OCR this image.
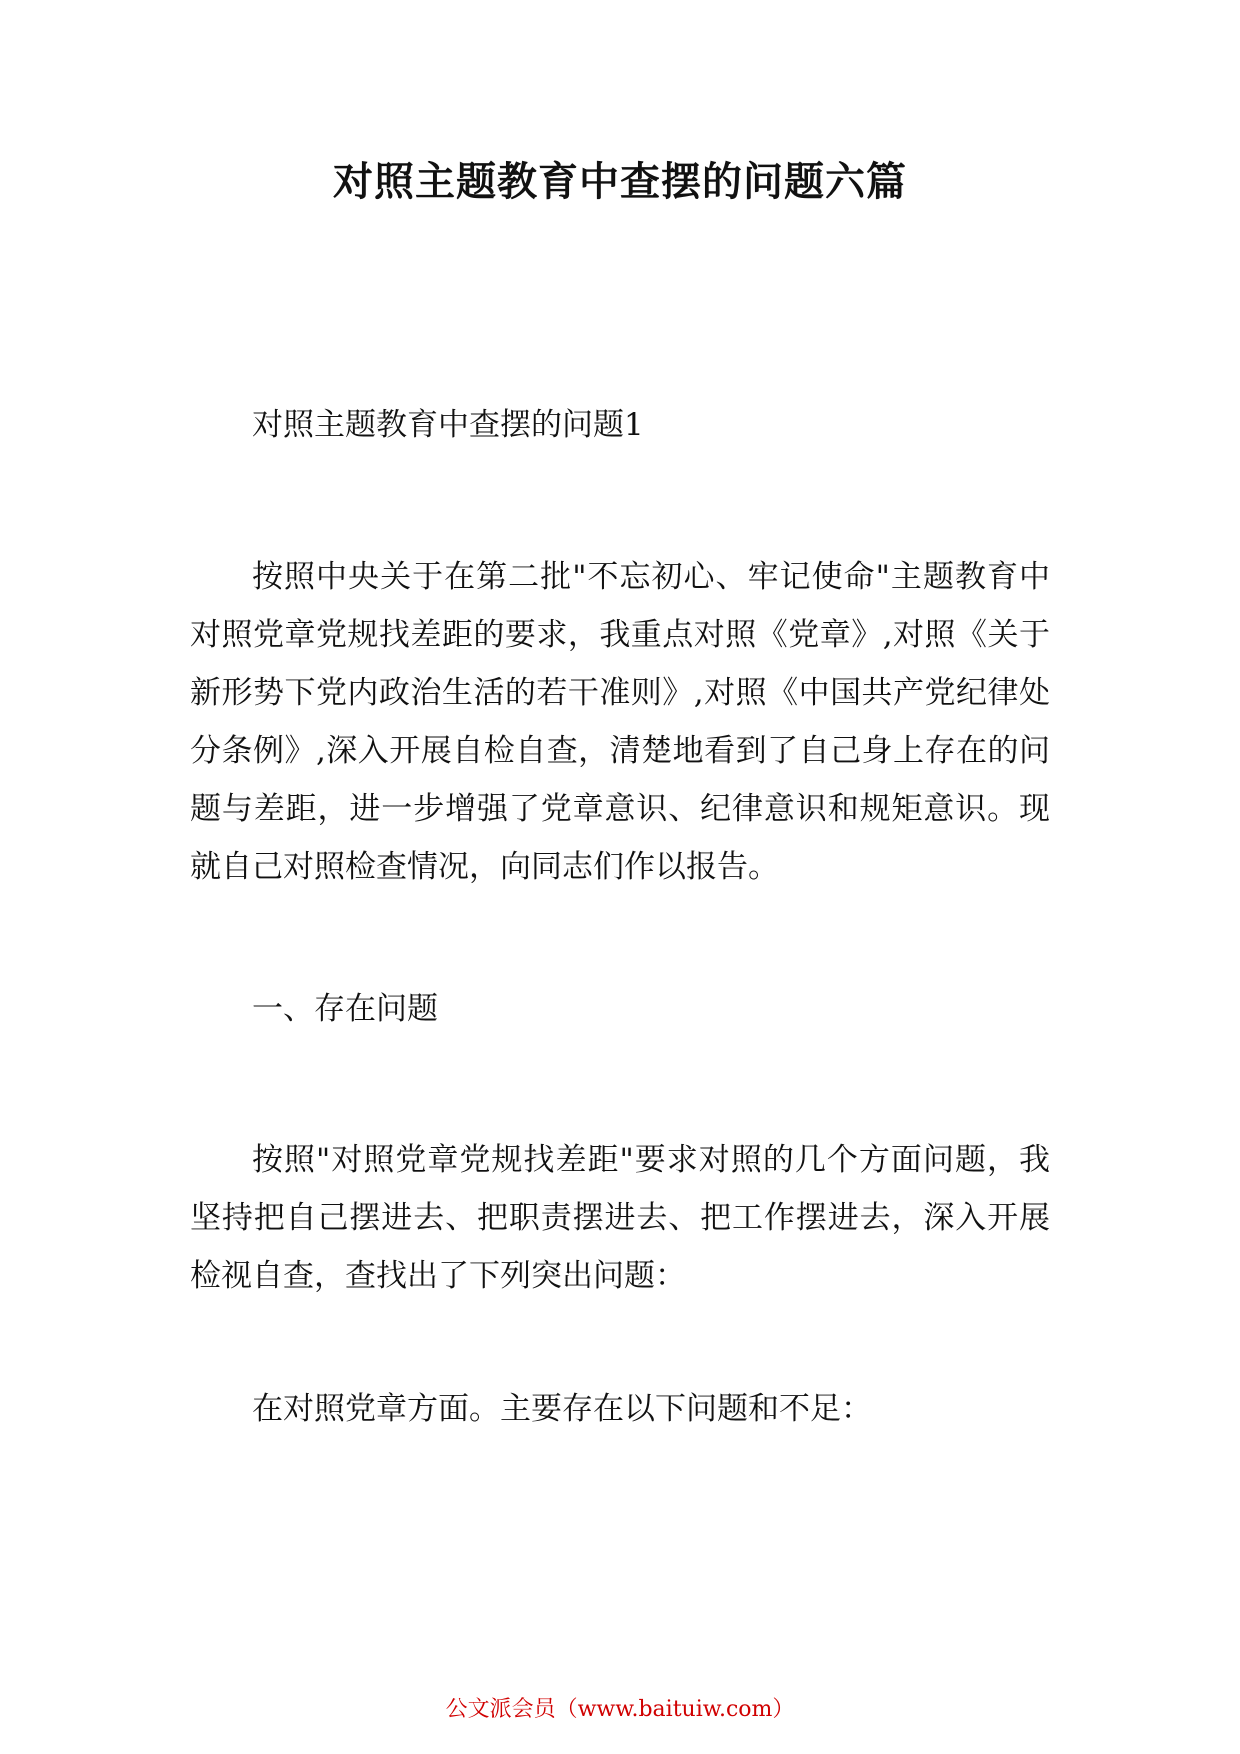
对照主题教育中查摆的问题六篇

对照主题教育中查摆的问题1

按照中央关于在第二批"不忘初心、牢记使命"主题教育中对照党章党规找差距的要求，我重点对照《党章》,对照《关于新形势下党内政治生活的若干准则》,对照《中国共产党纪律处分条例》,深入开展自检自查，清楚地看到了自己身上存在的问题与差距，进一步增强了党章意识、纪律意识和规矩意识。现就自己对照检查情况，向同志们作以报告。

一、存在问题

按照"对照党章党规找差距"要求对照的几个方面问题，我坚持把自己摆进去、把职责摆进去、把工作摆进去，深入开展检视自查，查找出了下列突出问题：

在对照党章方面。主要存在以下问题和不足：

公文派会员（www.baituiw.com）
